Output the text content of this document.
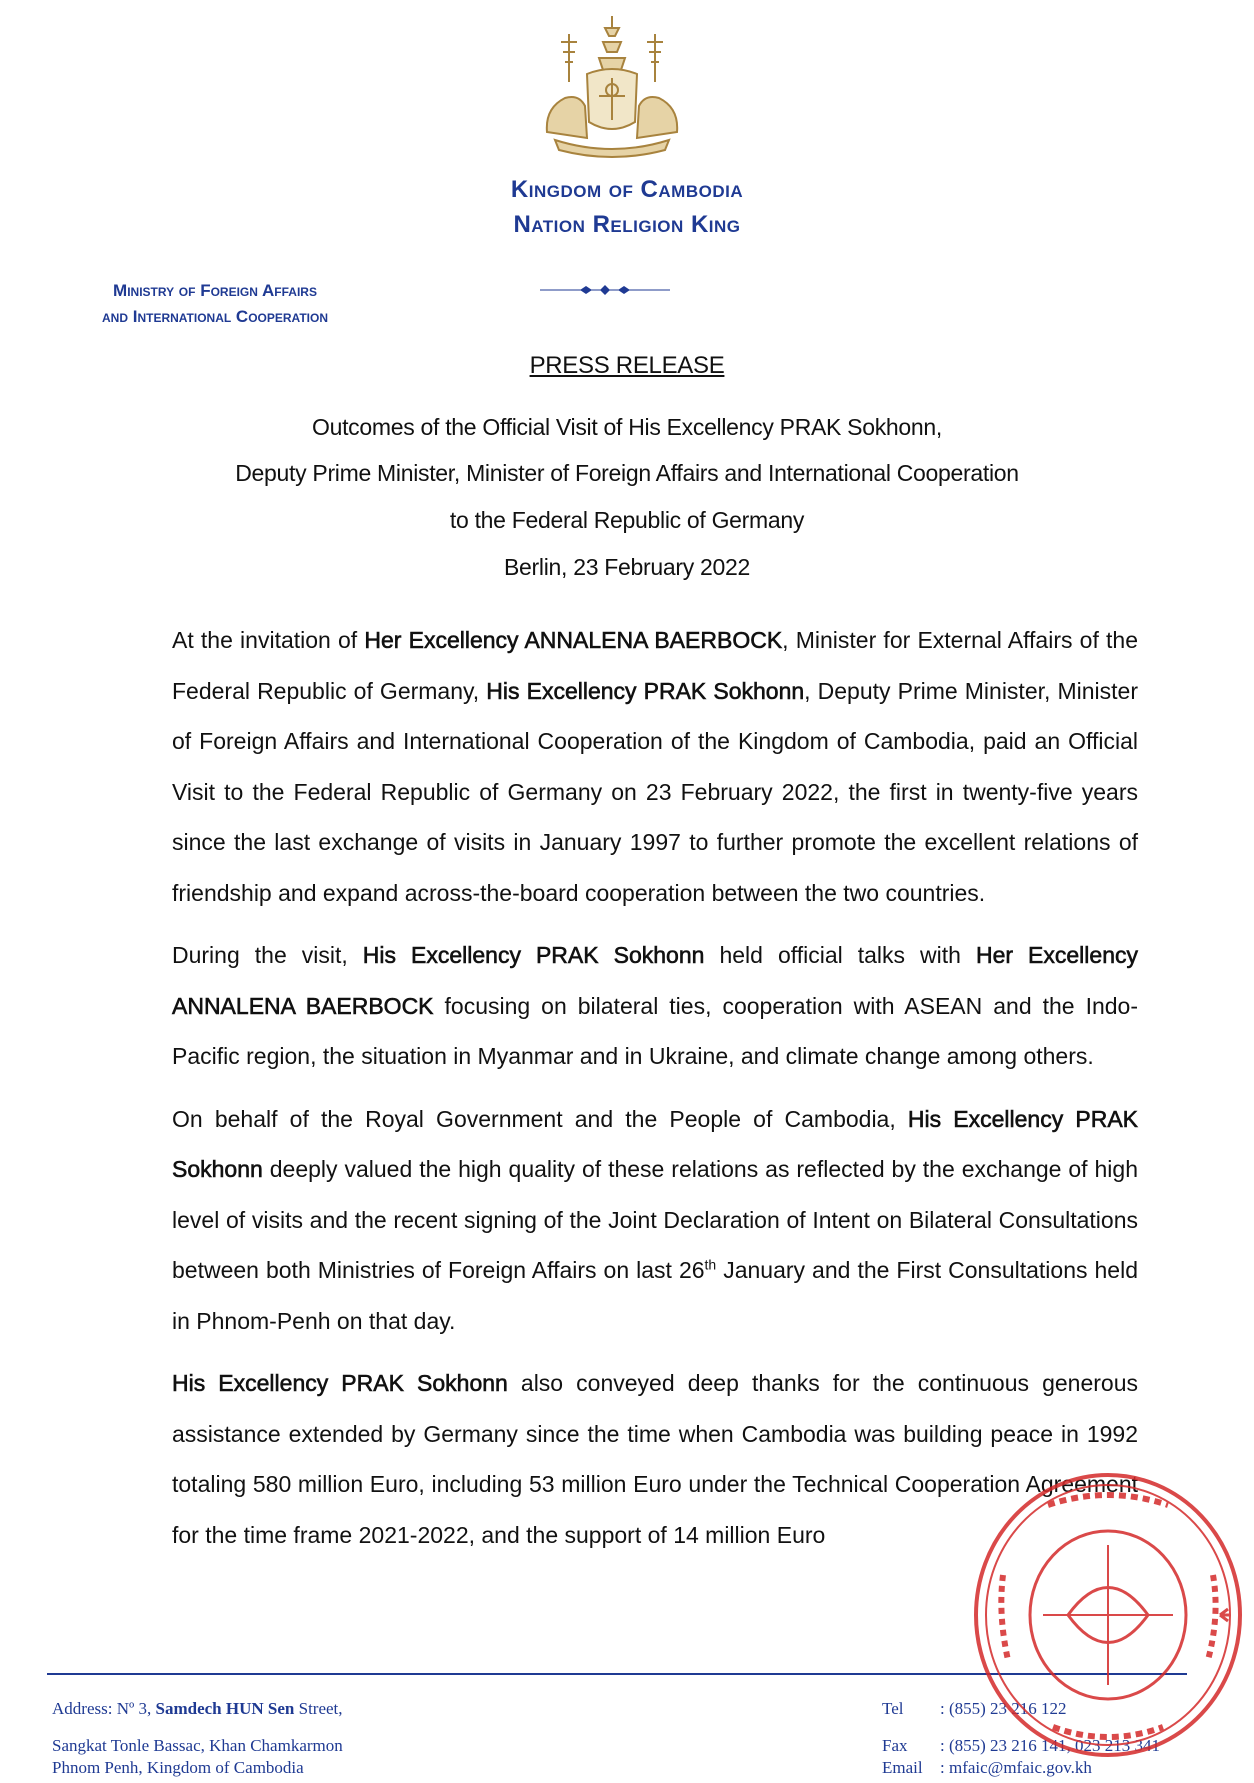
Kingdom of Cambodia
Nation Religion King

Ministry of Foreign Affairs

and International Cooperation

PRESS RELEASE

Outcomes of the Official Visit of His Excellency PRAK Sokhonn,

Deputy Prime Minister, Minister of Foreign Affairs and International Cooperation

to the Federal Republic of Germany

Berlin, 23 February 2022

At the invitation of Her Excellency ANNALENA BAERBOCK, Minister for External Affairs of the Federal Republic of Germany, His Excellency PRAK Sokhonn, Deputy Prime Minister, Minister of Foreign Affairs and International Cooperation of the Kingdom of Cambodia, paid an Official Visit to the Federal Republic of Germany on 23 February 2022, the first in twenty-five years since the last exchange of visits in January 1997 to further promote the excellent relations of friendship and expand across-the-board cooperation between the two countries.

During the visit, His Excellency PRAK Sokhonn held official talks with Her Excellency ANNALENA BAERBOCK focusing on bilateral ties, cooperation with ASEAN and the Indo-Pacific region, the situation in Myanmar and in Ukraine, and climate change among others.

On behalf of the Royal Government and the People of Cambodia, His Excellency PRAK Sokhonn deeply valued the high quality of these relations as reflected by the exchange of high level of visits and the recent signing of the Joint Declaration of Intent on Bilateral Consultations between both Ministries of Foreign Affairs on last 26th January and the First Consultations held in Phnom-Penh on that day.

His Excellency PRAK Sokhonn also conveyed deep thanks for the continuous generous assistance extended by Germany since the time when Cambodia was building peace in 1992 totaling 580 million Euro, including 53 million Euro under the Technical Cooperation Agreement for the time frame 2021-2022, and the support of 14 million Euro

Address: Nº 3, Samdech HUN Sen Street,

Sangkat Tonle Bassac, Khan Chamkarmon

Phnom Penh, Kingdom of Cambodia

Tel : (855) 23 216 122

Fax : (855) 23 216 141, 023 213 341

Email : mfaic@mfaic.gov.kh
